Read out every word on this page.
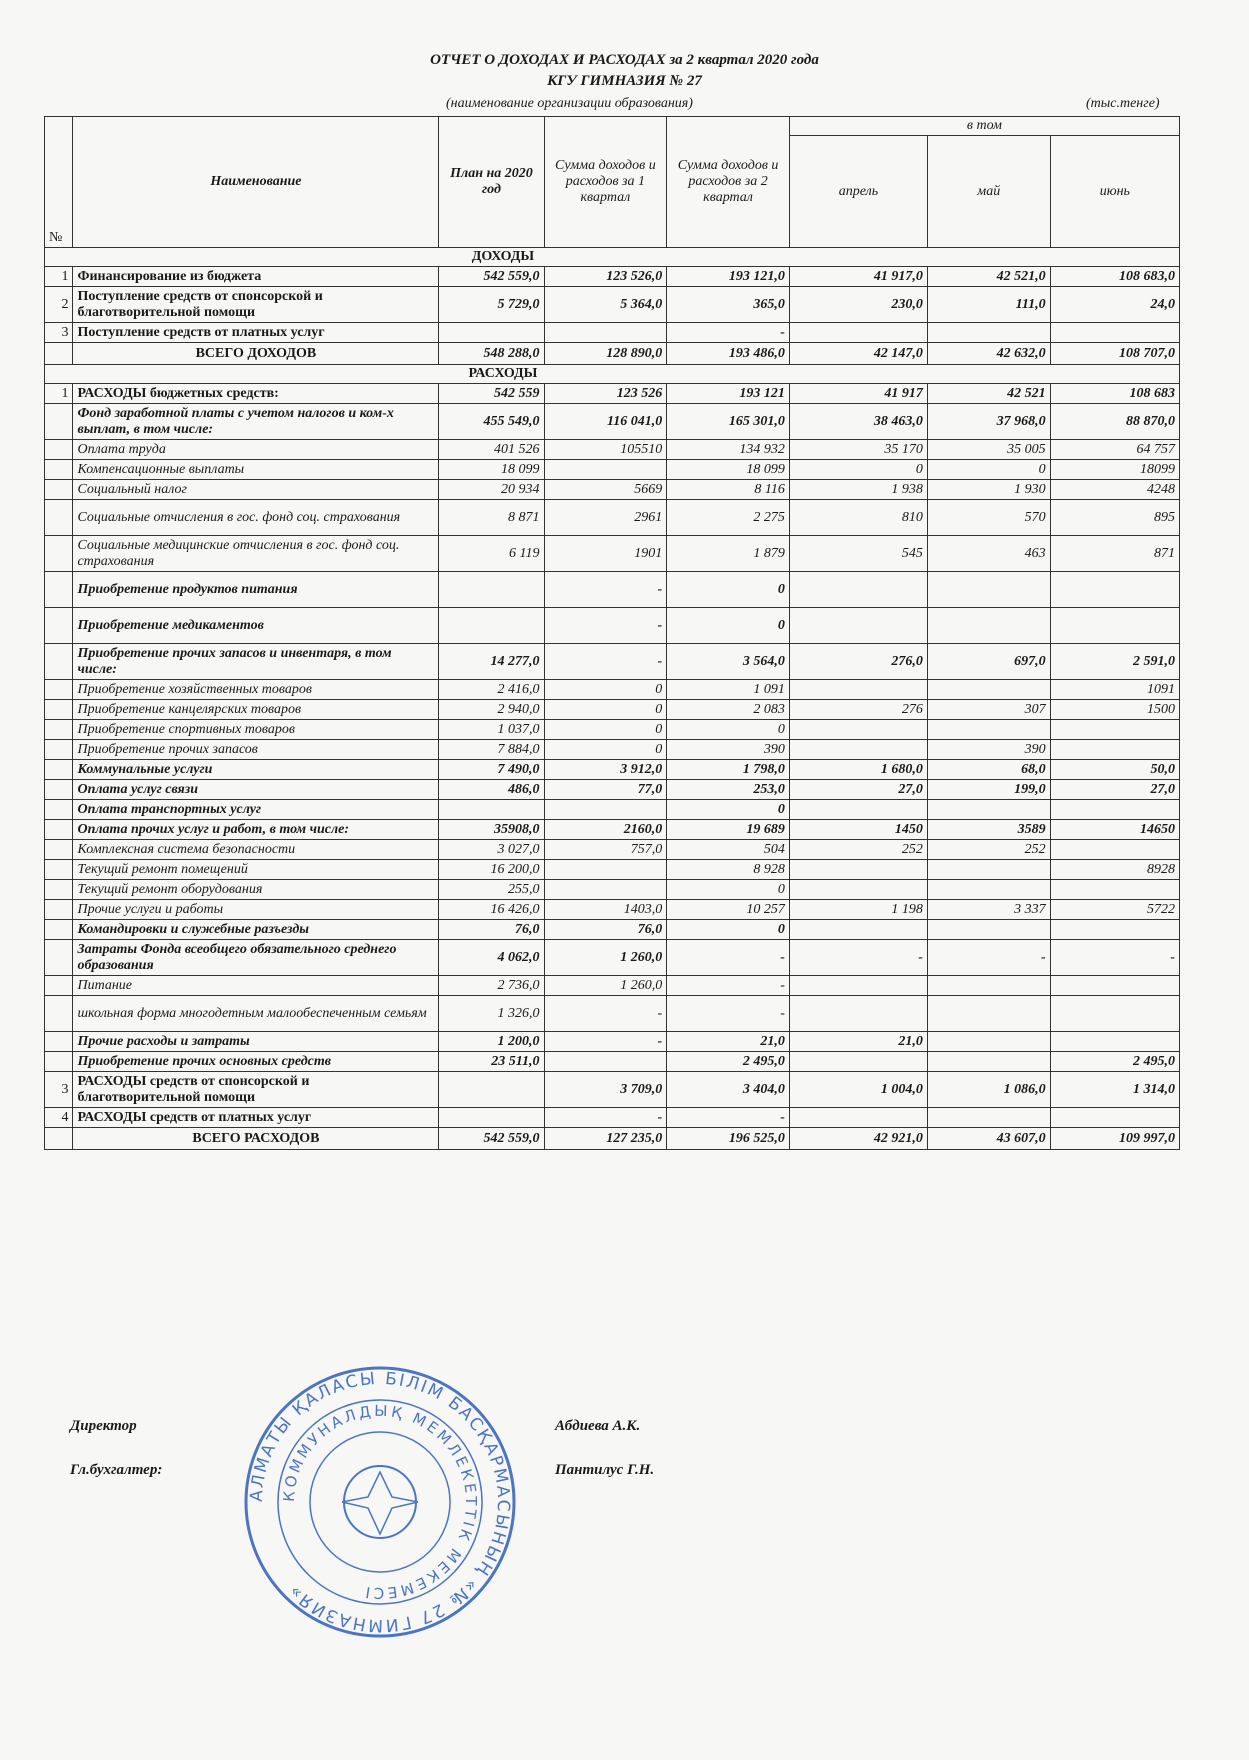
ОТЧЕТ О ДОХОДАХ И РАСХОДАХ за 2 квартал 2020 года
КГУ ГИМНАЗИЯ № 27
(наименование организации образования)	(тыс.тенге)
№	Наименование	План на 2020 год	Сумма доходов и расходов за 1 квартал	Сумма доходов и расходов за 2 квартал	в том		
					апрель	май	июнь
	ДОХОДЫ						
1	Финансирование из бюджета	542 559,0	123 526,0	193 121,0	41 917,0	42 521,0	108 683,0
2	Поступление средств от спонсорской и благотворительной помощи	5 729,0	5 364,0	365,0	230,0	111,0	24,0
3	Поступление средств от платных услуг			-			
	ВСЕГО ДОХОДОВ	548 288,0	128 890,0	193 486,0	42 147,0	42 632,0	108 707,0
	РАСХОДЫ						
1	РАСХОДЫ бюджетных средств:	542 559	123 526	193 121	41 917	42 521	108 683
	Фонд заработной платы с учетом налогов и ком-х выплат, в том числе:	455 549,0	116 041,0	165 301,0	38 463,0	37 968,0	88 870,0
	Оплата труда	401 526	105510	134 932	35 170	35 005	64 757
	Компенсационные выплаты	18 099		18 099	0	0	18099
	Социальный налог	20 934	5669	8 116	1 938	1 930	4248
	Социальные отчисления в гос. фонд соц. страхования	8 871	2961	2 275	810	570	895
	Социальные медицинские отчисления в гос. фонд соц. страхования	6 119	1901	1 879	545	463	871
	Приобретение продуктов питания		-	0			
	Приобретение медикаментов		-	0			
	Приобретение прочих запасов и инвентаря, в том числе:	14 277,0	-	3 564,0	276,0	697,0	2 591,0
	Приобретение хозяйственных товаров	2 416,0	0	1 091			1091
	Приобретение канцелярских товаров	2 940,0	0	2 083	276	307	1500
	Приобретение спортивных товаров	1 037,0	0	0			
	Приобретение прочих запасов	7 884,0	0	390		390	
	Коммунальные услуги	7 490,0	3 912,0	1 798,0	1 680,0	68,0	50,0
	Оплата услуг связи	486,0	77,0	253,0	27,0	199,0	27,0
	Оплата транспортных услуг			0			
	Оплата прочих услуг и работ, в том числе:	35908,0	2160,0	19 689	1450	3589	14650
	Комплексная система безопасности	3 027,0	757,0	504	252	252	
	Текущий ремонт помещений	16 200,0		8 928			8928
	Текущий ремонт оборудования	255,0		0			
	Прочие услуги и работы	16 426,0	1403,0	10 257	1 198	3 337	5722
	Командировки и служебные разъезды	76,0	76,0	0			
	Затраты Фонда всеобщего обязательного среднего образования	4 062,0	1 260,0	-	-	-	-
	Питание	2 736,0	1 260,0	-			
	школьная форма многодетным малообеспеченным семьям	1 326,0	-	-			
	Прочие расходы и затраты	1 200,0	-	21,0	21,0		
	Приобретение прочих основных средств	23 511,0		2 495,0			2 495,0
3	РАСХОДЫ средств от спонсорской и благотворительной помощи		3 709,0	3 404,0	1 004,0	1 086,0	1 314,0
4	РАСХОДЫ средств от платных услуг		-	-			
	ВСЕГО РАСХОДОВ	542 559,0	127 235,0	196 525,0	42 921,0	43 607,0	109 997,0
Директор	Абдиева А.К.
Гл.бухгалтер:	Пантилус Г.Н.
АЛМАТЫ ҚАЛАСЫ БІЛІМ БАСҚАРМАСЫНЫҢ «№ 27 ГИМНАЗИЯ»
КОММУНАЛДЫҚ МЕМЛЕКЕТТІК МЕКЕМЕСІ
